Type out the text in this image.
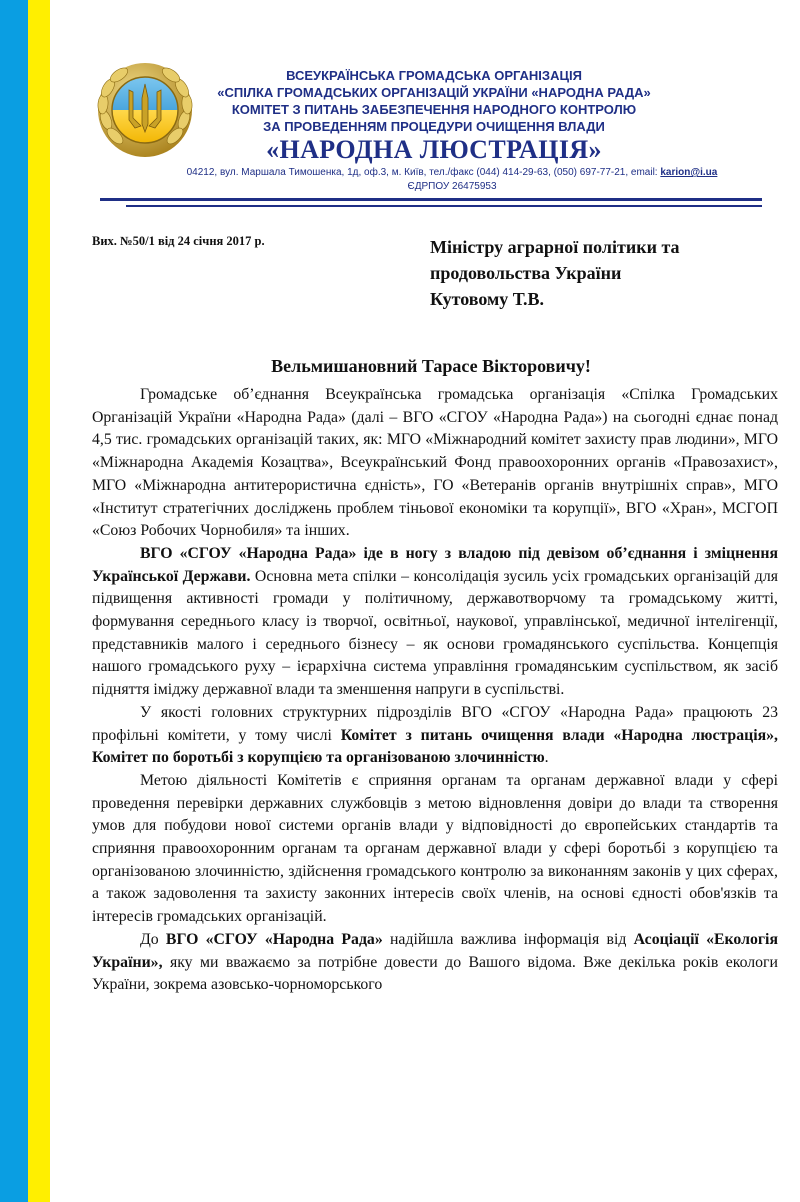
ВСЕУКРАЇНСЬКА ГРОМАДСЬКА ОРГАНІЗАЦІЯ
«СПІЛКА ГРОМАДСЬКИХ ОРГАНІЗАЦІЙ УКРАЇНИ «НАРОДНА РАДА»
КОМІТЕТ З ПИТАНЬ ЗАБЕЗПЕЧЕННЯ НАРОДНОГО КОНТРОЛЮ
ЗА ПРОВЕДЕННЯМ ПРОЦЕДУРИ ОЧИЩЕННЯ ВЛАДИ
«НАРОДНА ЛЮСТРАЦІЯ»
04212, вул. Маршала Тимошенка, 1д, оф.3, м. Київ, тел./факс (044) 414-29-63, (050) 697-77-21, email: karion@i.ua
ЄДРПОУ 26475953
Вих. №50/1 від 24 січня 2017 р.	Міністру аграрної політики та
продовольства України
Кутовому Т.В.
Вельмишановний Тарасе Вікторовичу!

Громадське об’єднання Всеукраїнська громадська організація «Спілка Громадських Організацій України «Народна Рада» (далі – ВГО «СГОУ «Народна Рада») на сьогодні єднає понад 4,5 тис. громадських організацій таких, як: МГО «Міжнародний комітет захисту прав людини», МГО «Міжнародна Академія Козацтва», Всеукраїнський Фонд правоохоронних органів «Правозахист», МГО «Міжнародна антитерористична єдність», ГО «Ветеранів органів внутрішніх справ», МГО «Інститут стратегічних досліджень проблем тіньової економіки та корупції», ВГО «Хран», МСГОП «Союз Робочих Чорнобиля» та інших.

ВГО «СГОУ «Народна Рада» іде в ногу з владою під девізом об’єднання і зміцнення Української Держави. Основна мета спілки – консолідація зусиль усіх громадських організацій для підвищення активності громади у політичному, державотворчому та громадському житті, формування середнього класу із творчої, освітньої, наукової, управлінської, медичної інтелігенції, представників малого і середнього бізнесу – як основи громадянського суспільства. Концепція нашого громадського руху – ієрархічна система управління громадянським суспільством, як засіб підняття іміджу державної влади та зменшення напруги в суспільстві.

У якості головних структурних підрозділів ВГО «СГОУ «Народна Рада» працюють 23 профільні комітети, у тому числі Комітет з питань очищення влади «Народна люстрація», Комітет по боротьбі з корупцією та організованою злочинністю.

Метою діяльності Комітетів є сприяння органам та органам державної влади у сфері проведення перевірки державних службовців з метою відновлення довіри до влади та створення умов для побудови нової системи органів влади у відповідності до європейських стандартів та сприяння правоохоронним органам та органам державної влади у сфері боротьбі з корупцією та організованою злочинністю, здійснення громадського контролю за виконанням законів у цих сферах, а також задоволення та захисту законних інтересів своїх членів, на основі єдності обов'язків та інтересів громадських організацій.

До ВГО «СГОУ «Народна Рада» надійшла важлива інформація від Асоціації «Екологія України», яку ми вважаємо за потрібне довести до Вашого відома. Вже декілька років екологи України, зокрема азовсько-чорноморського
